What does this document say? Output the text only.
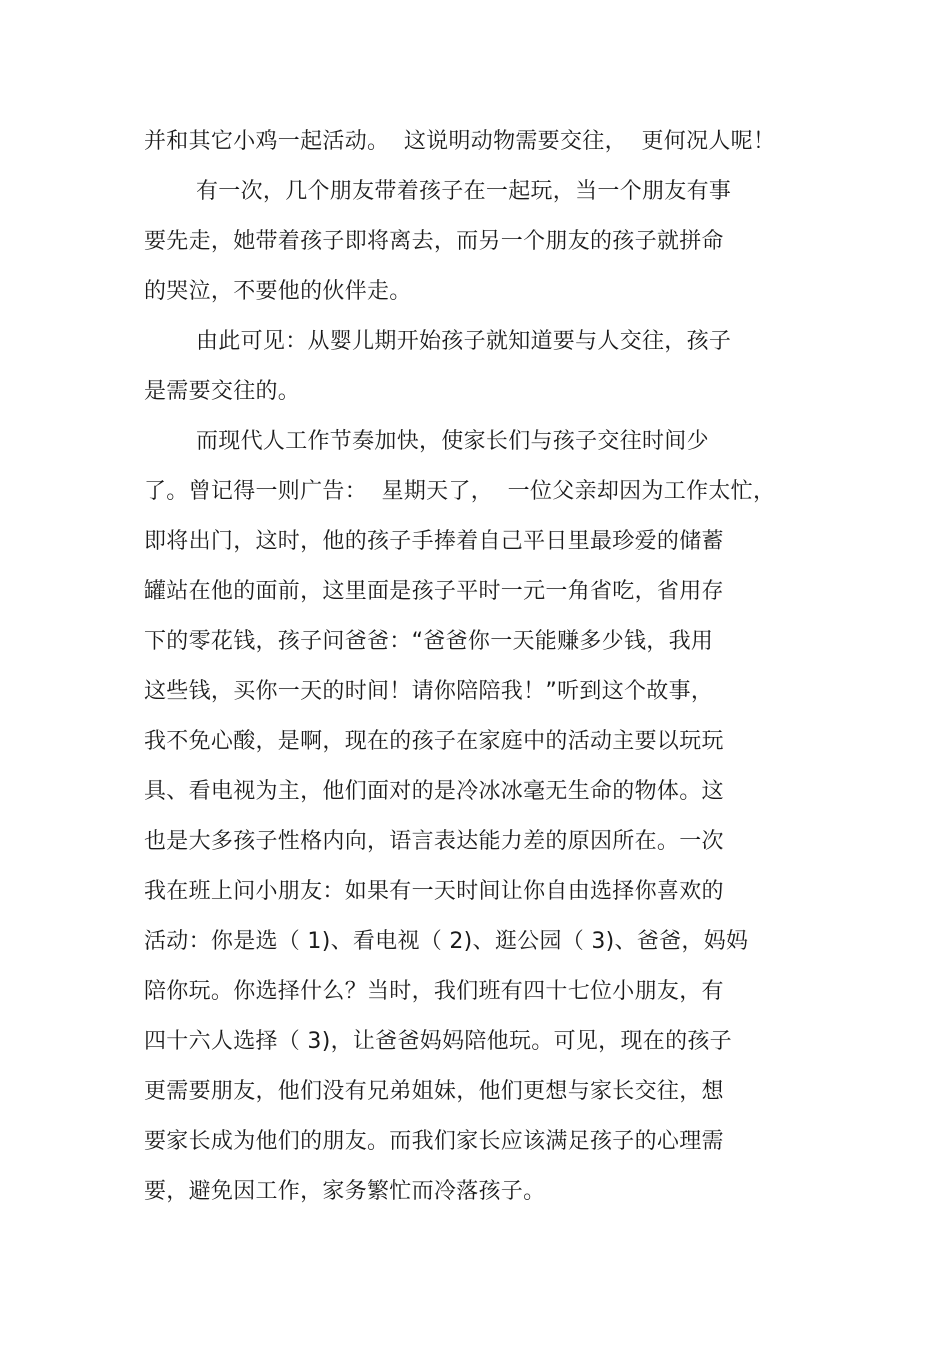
并和其它小鸡一起活动。  这说明动物需要交往，  更何况人呢！
有一次，几个朋友带着孩子在一起玩，当一个朋友有事
要先走，她带着孩子即将离去，而另一个朋友的孩子就拼命
的哭泣，不要他的伙伴走。
由此可见：从婴儿期开始孩子就知道要与人交往，孩子
是需要交往的。
而现代人工作节奏加快，使家长们与孩子交往时间少
了。曾记得一则广告：  星期天了，  一位父亲却因为工作太忙，
即将出门，这时，他的孩子手捧着自己平日里最珍爱的储蓄
罐站在他的面前，这里面是孩子平时一元一角省吃，省用存
下的零花钱，孩子问爸爸：“爸爸你一天能赚多少钱，我用
这些钱，买你一天的时间！请你陪陪我！”听到这个故事，
我不免心酸，是啊，现在的孩子在家庭中的活动主要以玩玩
具、看电视为主，他们面对的是冷冰冰毫无生命的物体。这
也是大多孩子性格内向，语言表达能力差的原因所在。一次
我在班上问小朋友：如果有一天时间让你自由选择你喜欢的
活动：你是选（ 1)、看电视（ 2)、逛公园（ 3)、爸爸，妈妈
陪你玩。你选择什么？当时，我们班有四十七位小朋友，有
四十六人选择（ 3)，让爸爸妈妈陪他玩。可见，现在的孩子
更需要朋友，他们没有兄弟姐妹，他们更想与家长交往，想
要家长成为他们的朋友。而我们家长应该满足孩子的心理需
要，避免因工作，家务繁忙而冷落孩子。
